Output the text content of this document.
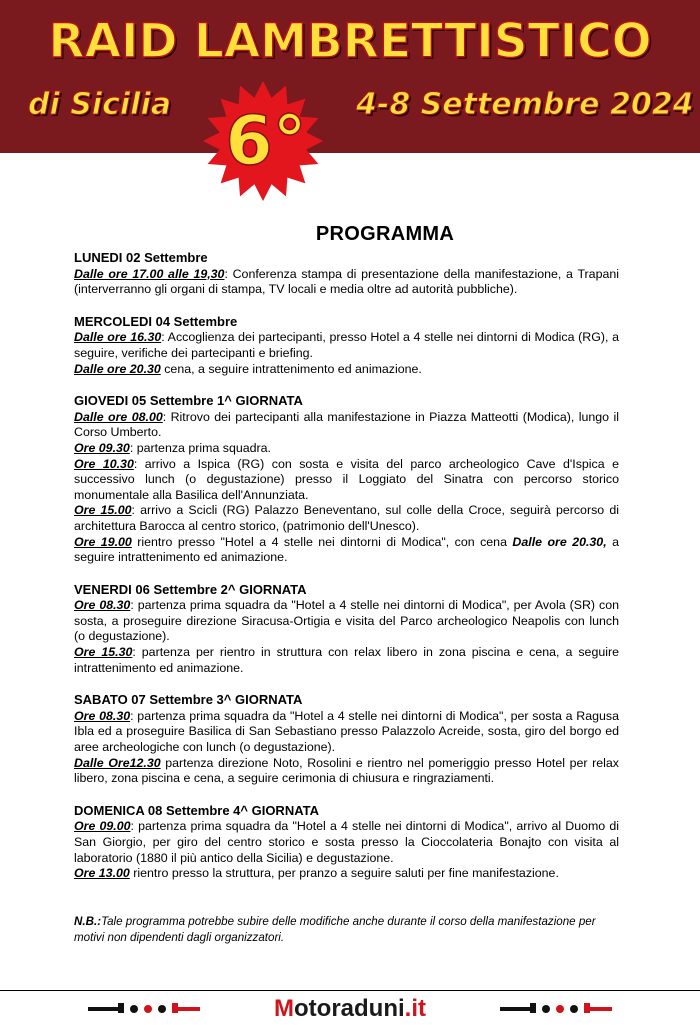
RAID LAMBRETTISTICO
di Sicilia	4-8 Settembre 2024
6°
PROGRAMMA
LUNEDI 02 Settembre
Dalle ore 17.00 alle 19,30: Conferenza stampa di presentazione della manifestazione, a Trapani (interverranno gli organi di stampa, TV locali e media oltre ad autorità pubbliche).
MERCOLEDI 04 Settembre
Dalle ore 16.30: Accoglienza dei partecipanti, presso Hotel a 4 stelle nei dintorni di Modica (RG), a seguire, verifiche dei partecipanti e briefing.
Dalle ore 20.30 cena, a seguire intrattenimento ed animazione.
GIOVEDI 05 Settembre 1^ GIORNATA
Dalle ore 08.00: Ritrovo dei partecipanti alla manifestazione in Piazza Matteotti (Modica), lungo il Corso Umberto.
Ore 09.30: partenza prima squadra.
Ore 10.30: arrivo a Ispica (RG) con sosta e visita del parco archeologico Cave d'Ispica e successivo lunch (o degustazione) presso il Loggiato del Sinatra con percorso storico monumentale alla Basilica dell'Annunziata.
Ore 15.00: arrivo a Scicli (RG) Palazzo Beneventano, sul colle della Croce, seguirà percorso di architettura Barocca al centro storico, (patrimonio dell'Unesco).
Ore 19.00 rientro presso "Hotel a 4 stelle nei dintorni di Modica", con cena Dalle ore 20.30, a seguire intrattenimento ed animazione.
VENERDI 06 Settembre 2^ GIORNATA
Ore 08.30: partenza prima squadra da "Hotel a 4 stelle nei dintorni di Modica", per Avola (SR) con sosta, a proseguire direzione Siracusa-Ortigia e visita del Parco archeologico Neapolis con lunch (o degustazione).
Ore 15.30: partenza per rientro in struttura con relax libero in zona piscina e cena, a seguire intrattenimento ed animazione.
SABATO 07 Settembre 3^ GIORNATA
Ore 08.30: partenza prima squadra da "Hotel a 4 stelle nei dintorni di Modica", per sosta a Ragusa Ibla ed a proseguire Basilica di San Sebastiano presso Palazzolo Acreide, sosta, giro del borgo ed aree archeologiche con lunch (o degustazione).
Dalle Ore12.30 partenza direzione Noto, Rosolini e rientro nel pomeriggio presso Hotel per relax libero, zona piscina e cena, a seguire cerimonia di chiusura e ringraziamenti.
DOMENICA 08 Settembre 4^ GIORNATA
Ore 09.00: partenza prima squadra da "Hotel a 4 stelle nei dintorni di Modica", arrivo al Duomo di San Giorgio, per giro del centro storico e sosta presso la Cioccolateria Bonajto con visita al laboratorio (1880 il più antico della Sicilia) e degustazione.
Ore 13.00 rientro presso la struttura, per pranzo a seguire saluti per fine manifestazione.
N.B.:Tale programma potrebbe subire delle modifiche anche durante il corso della manifestazione per motivi non dipendenti dagli organizzatori.
Motoraduni.it
